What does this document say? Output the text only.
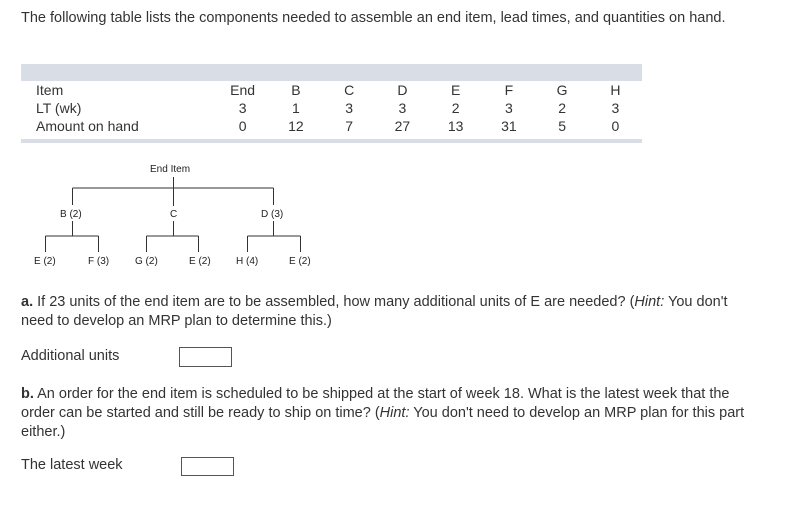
The following table lists the components needed to assemble an end item, lead times, and quantities on hand.

Item	End	B	C	D	E	F	G	H
LT (wk)	3	1	3	3	2	3	2	3
Amount on hand	0	12	7	27	13	31	5	0
End Item
B (2)	C	D (3)
E (2)	F (3)	G (2)	E (2)	H (4)	E (2)

a. If 23 units of the end item are to be assembled, how many additional units of E are needed? (Hint: You don't need to develop an MRP plan to determine this.)

Additional units

b. An order for the end item is scheduled to be shipped at the start of week 18. What is the latest week that the order can be started and still be ready to ship on time? (Hint: You don't need to develop an MRP plan for this part either.)

The latest week
